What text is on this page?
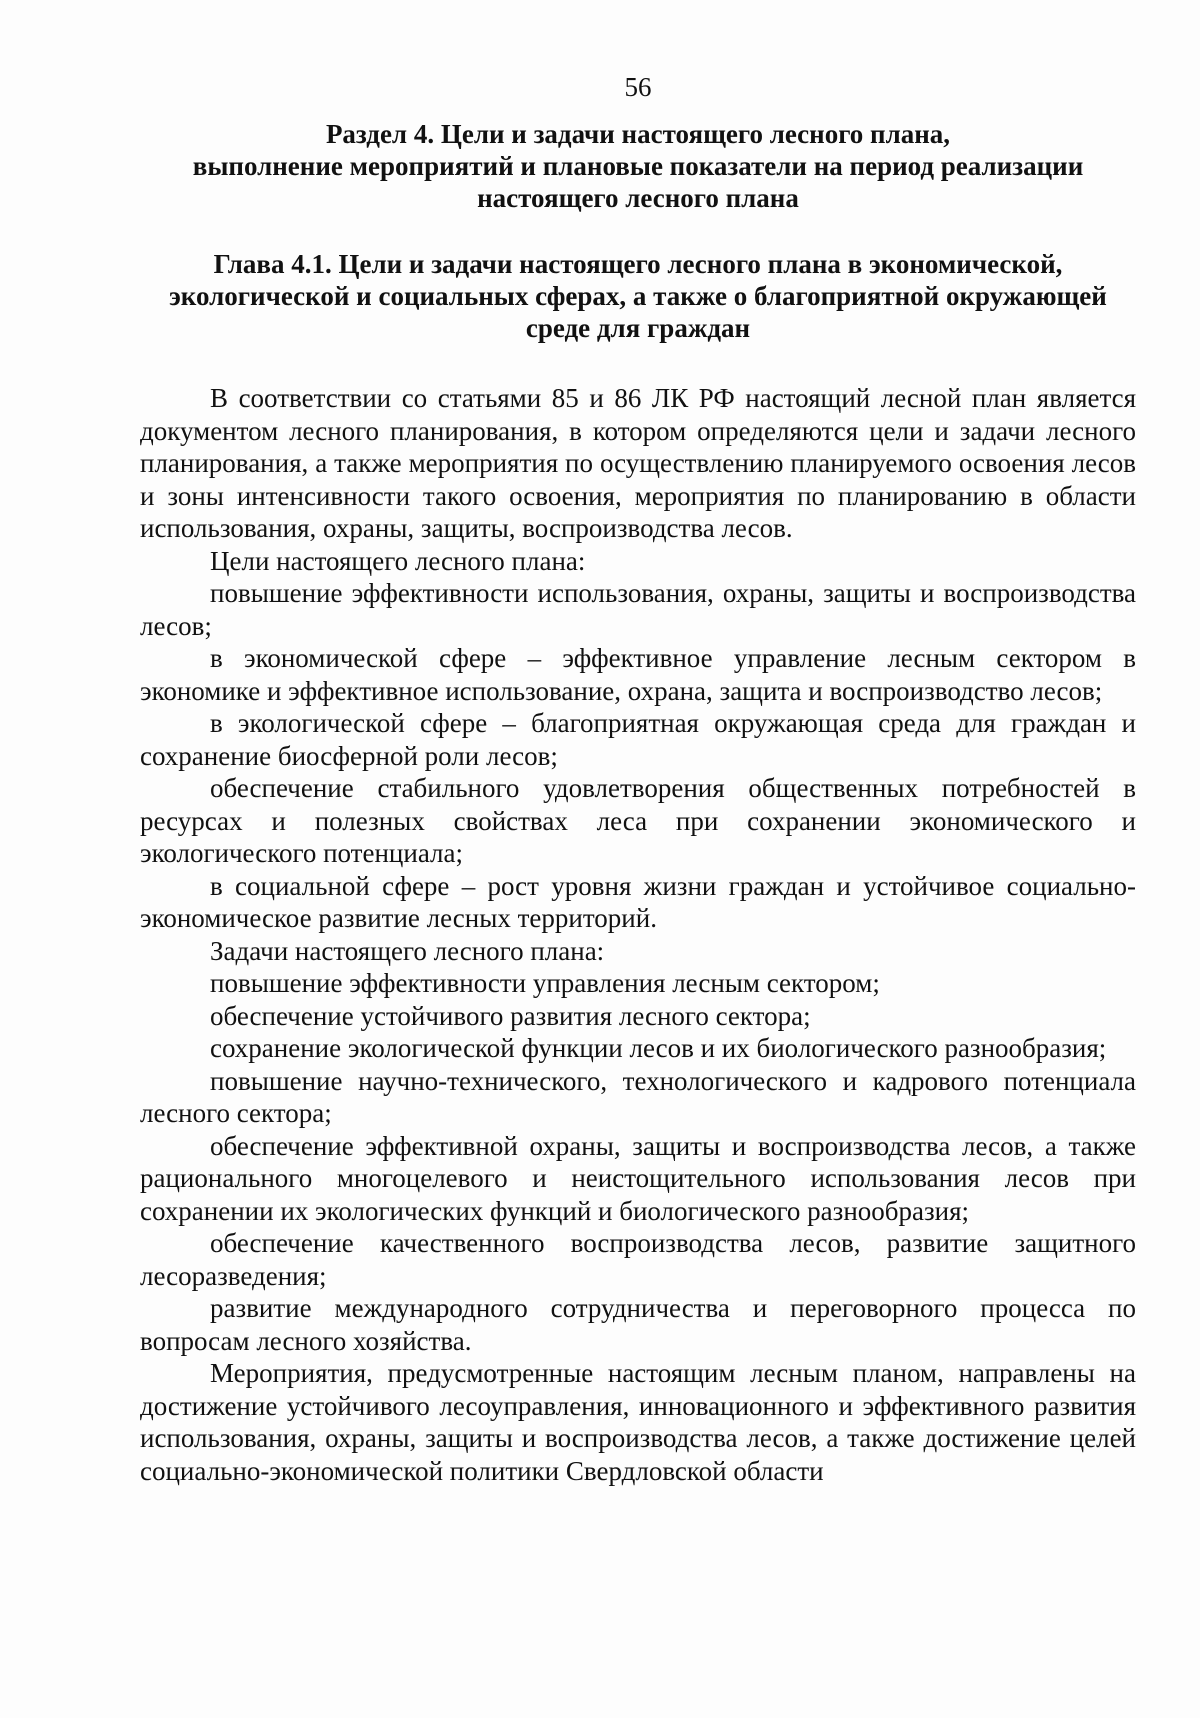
56
Раздел 4. Цели и задачи настоящего лесного плана,
выполнение мероприятий и плановые показатели на период реализации
настоящего лесного плана
Глава 4.1. Цели и задачи настоящего лесного плана в экономической,
экологической и социальных сферах, а также о благоприятной окружающей
среде для граждан

В соответствии со статьями 85 и 86 ЛК РФ настоящий лесной план является документом лесного планирования, в котором определяются цели и задачи лесного планирования, а также мероприятия по осуществлению планируемого освоения лесов и зоны интенсивности такого освоения, мероприятия по планированию в области использования, охраны, защиты, воспроизводства лесов.

Цели настоящего лесного плана:

повышение эффективности использования, охраны, защиты и воспроизводства лесов;

в экономической сфере – эффективное управление лесным сектором в экономике и эффективное использование, охрана, защита и воспроизводство лесов;

в экологической сфере – благоприятная окружающая среда для граждан и сохранение биосферной роли лесов;

обеспечение стабильного удовлетворения общественных потребностей в ресурсах и полезных свойствах леса при сохранении экономического и экологического потенциала;

в социальной сфере – рост уровня жизни граждан и устойчивое социально-экономическое развитие лесных территорий.

Задачи настоящего лесного плана:

повышение эффективности управления лесным сектором;

обеспечение устойчивого развития лесного сектора;

сохранение экологической функции лесов и их биологического разнообразия;

повышение научно-технического, технологического и кадрового потенциала лесного сектора;

обеспечение эффективной охраны, защиты и воспроизводства лесов, а также рационального многоцелевого и неистощительного использования лесов при сохранении их экологических функций и биологического разнообразия;

обеспечение качественного воспроизводства лесов, развитие защитного лесоразведения;

развитие международного сотрудничества и переговорного процесса по вопросам лесного хозяйства.

Мероприятия, предусмотренные настоящим лесным планом, направлены на достижение устойчивого лесоуправления, инновационного и эффективного развития использования, охраны, защиты и воспроизводства лесов, а также достижение целей социально-экономической политики Свердловской области
